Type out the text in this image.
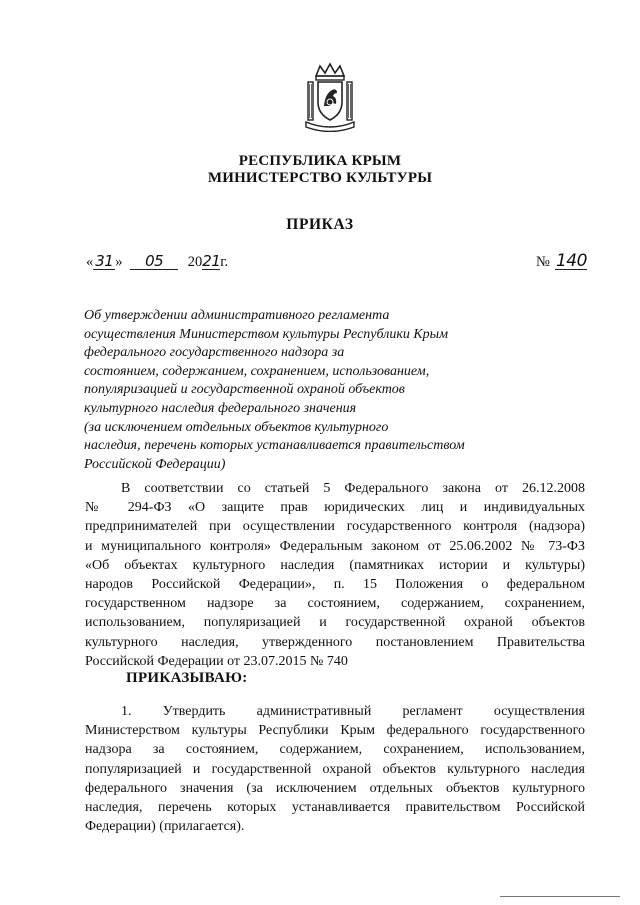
РЕСПУБЛИКА КРЫМ
МИНИСТЕРСТВО КУЛЬТУРЫ
ПРИКАЗ
« 31 » 05 2021г.	№ 140
Об утверждении административного регламента
осуществления Министерством культуры Республики Крым
федерального государственного надзора за
состоянием, содержанием, сохранением, использованием,
популяризацией и государственной охраной объектов
культурного наследия федерального значения
(за исключением отдельных объектов культурного
наследия, перечень которых устанавливается правительством
Российской Федерации)
В соответствии со статьей 5 Федерального закона от 26.12.2008
№ 294-ФЗ «О защите прав юридических лиц и индивидуальных
предпринимателей при осуществлении государственного контроля (надзора)
и муниципального контроля» Федеральным законом от 25.06.2002 № 73-ФЗ
«Об объектах культурного наследия (памятниках истории и культуры)
народов Российской Федерации», п. 15 Положения о федеральном
государственном надзоре за состоянием, содержанием, сохранением,
использованием, популяризацией и государственной охраной объектов
культурного наследия, утвержденного постановлением Правительства
Российской Федерации от 23.07.2015 № 740
ПРИКАЗЫВАЮ:
1. Утвердить административный регламент осуществления
Министерством культуры Республики Крым федерального государственного
надзора за состоянием, содержанием, сохранением, использованием,
популяризацией и государственной охраной объектов культурного наследия
федерального значения (за исключением отдельных объектов культурного
наследия, перечень которых устанавливается правительством Российской
Федерации) (прилагается).
